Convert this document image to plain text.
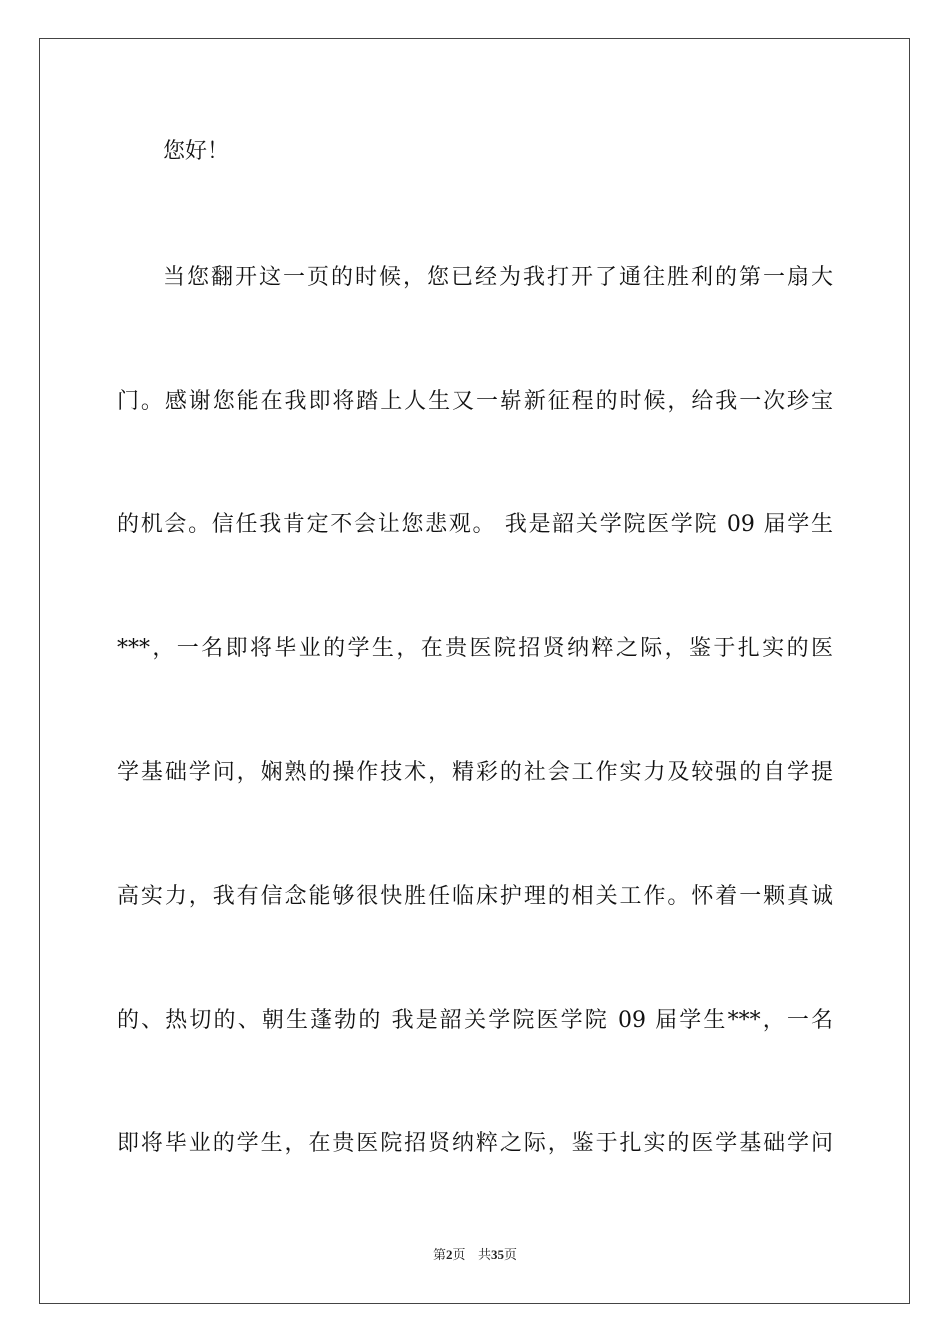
您好！
当您翻开这一页的时候，您已经为我打开了通往胜利的第一扇大
门。感谢您能在我即将踏上人生又一崭新征程的时候，给我一次珍宝
的机会。信任我肯定不会让您悲观。 我是韶关学院医学院 09 届学生
***，一名即将毕业的学生，在贵医院招贤纳粹之际，鉴于扎实的医
学基础学问，娴熟的操作技术，精彩的社会工作实力及较强的自学提
高实力，我有信念能够很快胜任临床护理的相关工作。怀着一颗真诚
的、热切的、朝生蓬勃的 我是韶关学院医学院 09 届学生***，一名
即将毕业的学生，在贵医院招贤纳粹之际，鉴于扎实的医学基础学问
第2页 共35页
